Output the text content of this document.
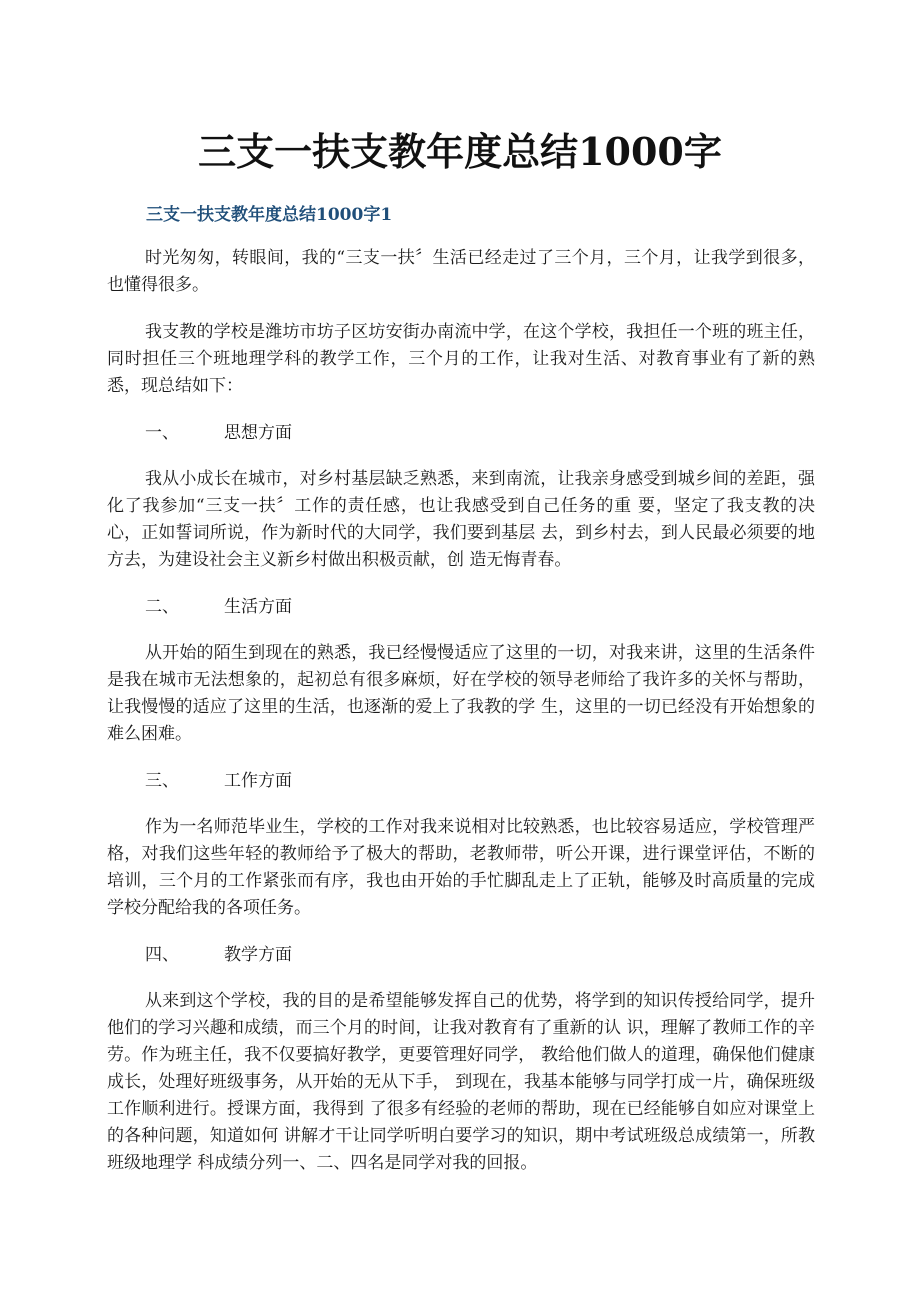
三支一扶支教年度总结1000字
三支一扶支教年度总结1000字1

时光匆匆，转眼间，我的“三支一扶〞生活已经走过了三个月，三个月，让我学到很多，也懂得很多。

我支教的学校是潍坊市坊子区坊安街办南流中学，在这个学校，我担任一个班的班主任，同时担任三个班地理学科的教学工作，三个月的工作，让我对生活、对教育事业有了新的熟悉，现总结如下：

一、	思想方面

我从小成长在城市，对乡村基层缺乏熟悉，来到南流，让我亲身感受到城乡间的差距，强化了我参加“三支一扶〞工作的责任感，也让我感受到自己任务的重 要，坚定了我支教的决心，正如誓词所说，作为新时代的大同学，我们要到基层 去，到乡村去，到人民最必须要的地方去，为建设社会主义新乡村做出积极贡献，创 造无悔青春。

二、	生活方面

从开始的陌生到现在的熟悉，我已经慢慢适应了这里的一切，对我来讲，这里的生活条件是我在城市无法想象的，起初总有很多麻烦，好在学校的领导老师给了我许多的关怀与帮助，让我慢慢的适应了这里的生活，也逐渐的爱上了我教的学 生，这里的一切已经没有开始想象的难么困难。

三、	工作方面

作为一名师范毕业生，学校的工作对我来说相对比较熟悉，也比较容易适应，学校管理严格，对我们这些年轻的教师给予了极大的帮助，老教师带，听公开课，进行课堂评估，不断的培训，三个月的工作紧张而有序，我也由开始的手忙脚乱走上了正轨，能够及时高质量的完成学校分配给我的各项任务。

四、	教学方面

从来到这个学校，我的目的是希望能够发挥自己的优势，将学到的知识传授给同学，提升他们的学习兴趣和成绩，而三个月的时间，让我对教育有了重新的认 识，理解了教师工作的辛劳。作为班主任，我不仅要搞好教学，更要管理好同学， 教给他们做人的道理，确保他们健康成长，处理好班级事务，从开始的无从下手， 到现在，我基本能够与同学打成一片，确保班级工作顺利进行。授课方面，我得到 了很多有经验的老师的帮助，现在已经能够自如应对课堂上的各种问题，知道如何 讲解才干让同学听明白要学习的知识，期中考试班级总成绩第一，所教班级地理学 科成绩分列一、二、四名是同学对我的回报。
